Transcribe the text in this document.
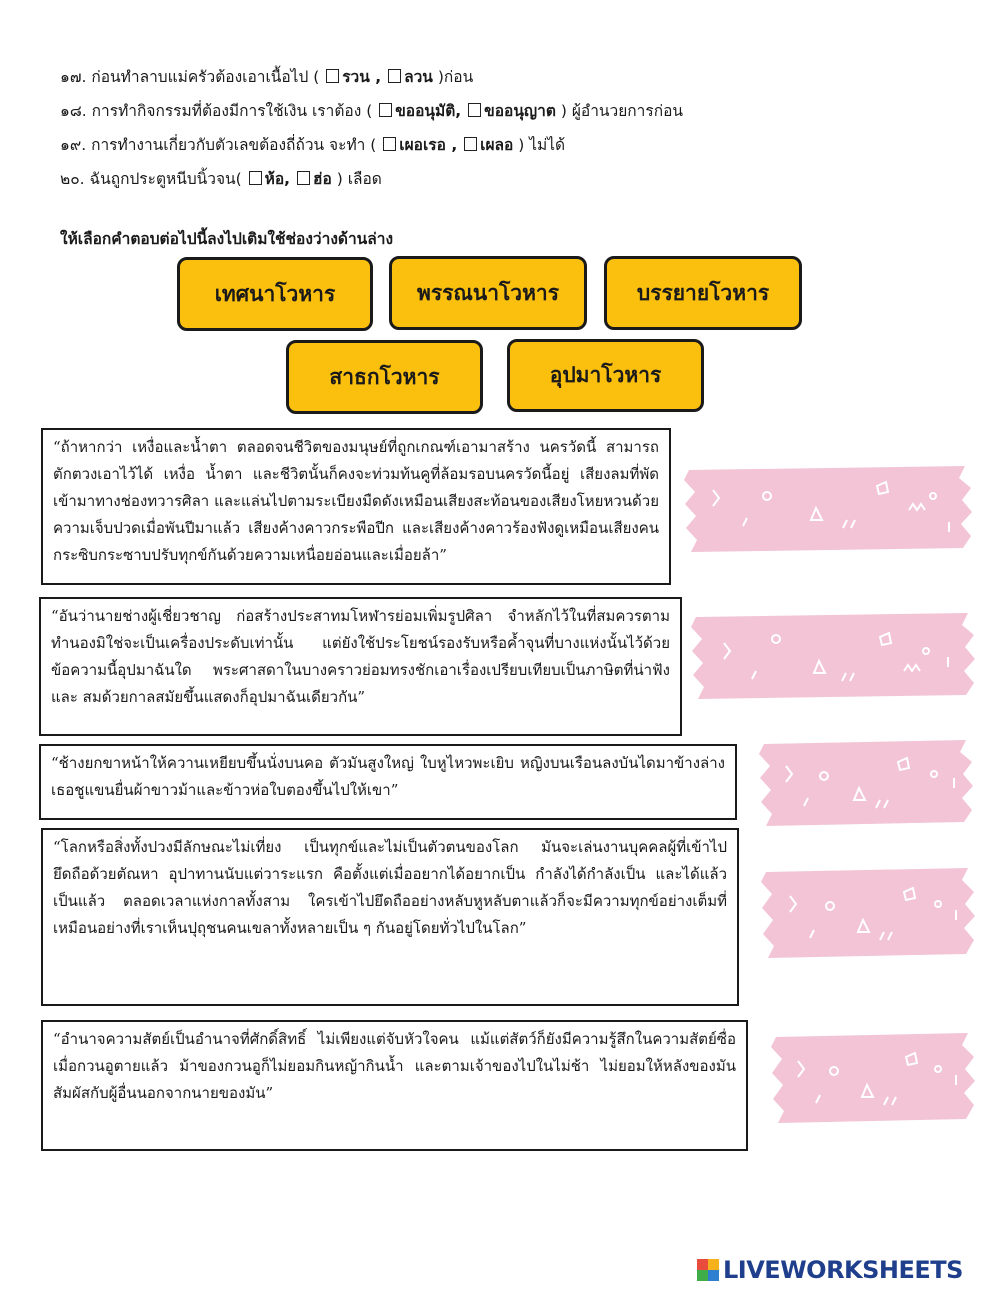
๑๗. ก่อนทำลาบแม่ครัวต้องเอาเนื้อไป ( รวน , ลวน )ก่อน
๑๘. การทำกิจกรรมที่ต้องมีการใช้เงิน เราต้อง ( ขออนุมัติ, ขออนุญาต ) ผู้อำนวยการก่อน
๑๙. การทำงานเกี่ยวกับตัวเลขต้องถี่ถ้วน จะทำ ( เผอเรอ , เผลอ ) ไม่ได้
๒๐. ฉันถูกประตูหนีบนิ้วจน( ห้อ, ฮ่อ ) เลือด
ให้เลือกคำตอบต่อไปนี้ลงไปเติมใช้ช่องว่างด้านล่าง
เทศนาโวหาร	พรรณนาโวหาร	บรรยายโวหาร
สาธกโวหาร	อุปมาโวหาร
“ถ้าหากว่า เหงื่อและน้ำตา ตลอดจนชีวิตของมนุษย์ที่ถูกเกณฑ์เอามาสร้าง นครวัดนี้ สามารถตักตวงเอาไว้ได้ เหงื่อ น้ำตา และชีวิตนั้นก็คงจะท่วมท้นคูที่ล้อมรอบนครวัดนี้อยู่ เสียงลมที่พัดเข้ามาทางช่องทวารศิลา และแล่นไปตามระเบียงมืดดังเหมือนเสียงสะท้อนของเสียงโหยหวนด้วยความเจ็บปวดเมื่อพันปีมาแล้ว เสียงค้างคาวกระพือปีก และเสียงค้างคาวร้องฟังดูเหมือนเสียงคนกระซิบกระซาบปรับทุกข์กันด้วยความเหนื่อยอ่อนและเมื่อยล้า”
“อันว่านายช่างผู้เชี่ยวชาญ ก่อสร้างประสาทมโหฬารย่อมเพิ่มรูปศิลา จำหลักไว้ในที่สมควรตามทำนองมิใช่จะเป็นเครื่องประดับเท่านั้น แต่ยังใช้ประโยชน์รองรับหรือค้ำจุนที่บางแห่งนั้นไว้ด้วย ข้อความนี้อุปมาฉันใด พระศาสดาในบางคราวย่อมทรงชักเอาเรื่องเปรียบเทียบเป็นภาษิตที่น่าฟังและ สมด้วยกาลสมัยขึ้นแสดงก็อุปมาฉันเดียวกัน”
“ช้างยกขาหน้าให้ควานเหยียบขึ้นนั่งบนคอ ตัวมันสูงใหญ่ ใบหูไหวพะเยิบ หญิงบนเรือนลงบันไดมาข้างล่าง เธอชูแขนยื่นผ้าขาวม้าและข้าวห่อใบตองขึ้นไปให้เขา”
“โลกหรือสิ่งทั้งปวงมีลักษณะไม่เที่ยง เป็นทุกข์และไม่เป็นตัวตนของโลก มันจะเล่นงานบุคคลผู้ที่เข้าไปยึดถือด้วยตัณหา อุปาทานนับแต่วาระแรก คือตั้งแต่เมื่ออยากได้อยากเป็น กำลังได้กำลังเป็น และได้แล้วเป็นแล้ว ตลอดเวลาแห่งกาลทั้งสาม ใครเข้าไปยึดถืออย่างหลับหูหลับตาแล้วก็จะมีความทุกข์อย่างเต็มที่ เหมือนอย่างที่เราเห็นปุถุชนคนเขลาทั้งหลายเป็น ๆ กันอยู่โดยทั่วไปในโลก”
“อำนาจความสัตย์เป็นอำนาจที่ศักดิ์สิทธิ์ ไม่เพียงแต่จับหัวใจคน แม้แต่สัตว์ก็ยังมีความรู้สึกในความสัตย์ซื่อ เมื่อกวนอูตายแล้ว ม้าของกวนอูก็ไม่ยอมกินหญ้ากินน้ำ และตามเจ้าของไปในไม่ช้า ไม่ยอมให้หลังของมันสัมผัสกับผู้อื่นนอกจากนายของมัน”
LIVEWORKSHEETS
